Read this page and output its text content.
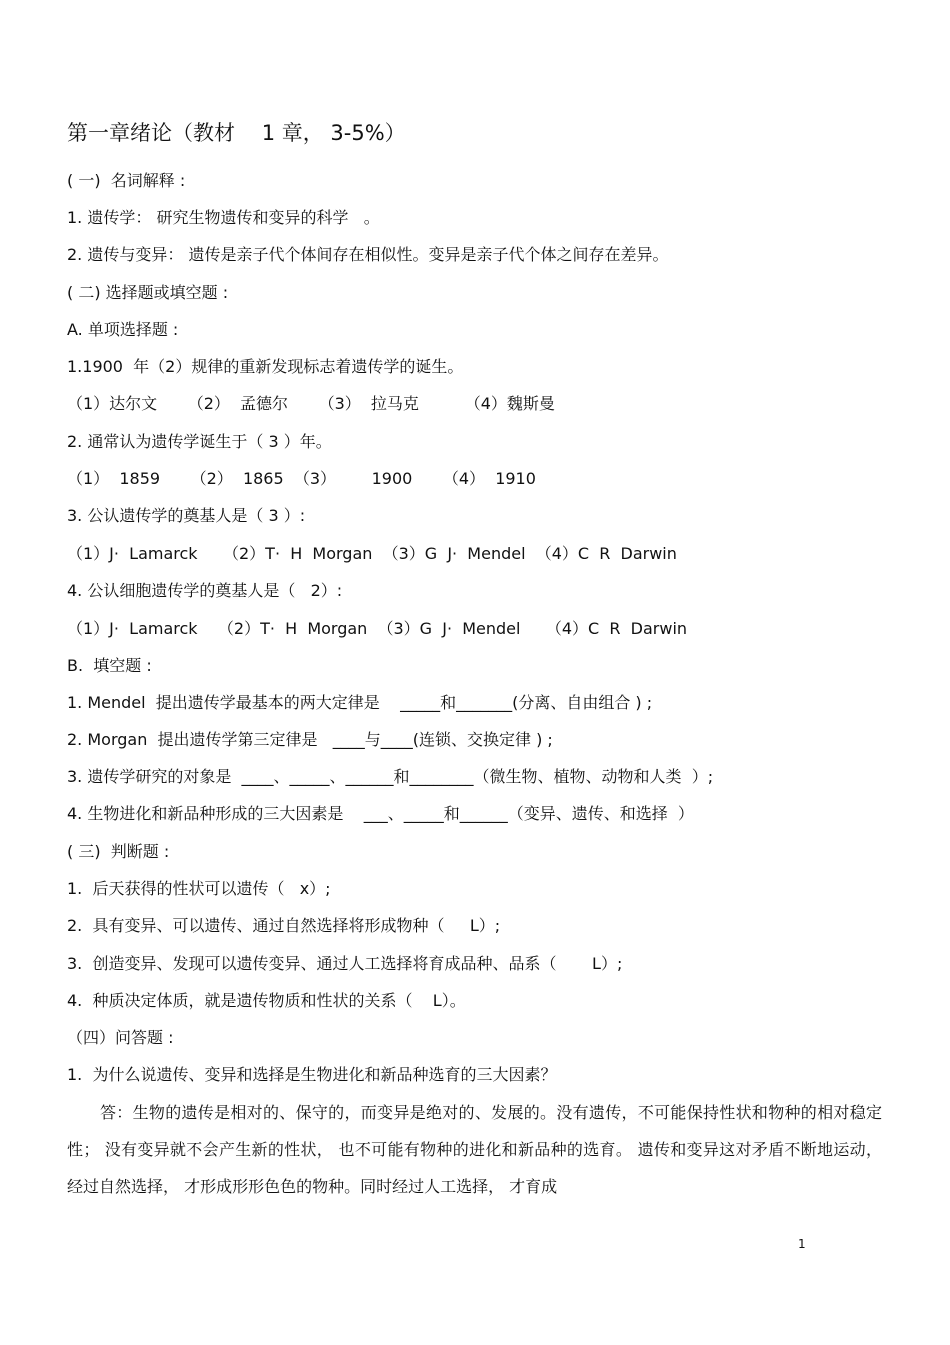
第一章绪论（教材    1 章， 3-5%）
( 一)  名词解释 :
1. 遗传学： 研究生物遗传和变异的科学   。
2. 遗传与变异： 遗传是亲子代个体间存在相似性。变异是亲子代个体之间存在差异。
( 二) 选择题或填空题 :
A. 单项选择题 :
1.1900  年（2）规律的重新发现标志着遗传学的诞生。
（1）达尔文      （2）  孟德尔      （3）  拉马克         （4）魏斯曼
2. 通常认为遗传学诞生于（ 3 ）年。
（1）  1859      （2）  1865  （3）       1900      （4）  1910
3. 公认遗传学的奠基人是（ 3 ）:
（1）J·  Lamarck     （2）T·  H  Morgan  （3）G  J·  Mendel  （4）C  R  Darwin
4. 公认细胞遗传学的奠基人是（   2）:
（1）J·  Lamarck    （2）T·  H  Morgan  （3）G  J·  Mendel     （4）C  R  Darwin
B.  填空题 :
1. Mendel  提出遗传学最基本的两大定律是    _____和_______(分离、自由组合 ) ;
2. Morgan  提出遗传学第三定律是   ____与____(连锁、交换定律 ) ;
3. 遗传学研究的对象是  ____、_____、______和________（微生物、植物、动物和人类  ）;
4. 生物进化和新品种形成的三大因素是    ___、_____和______（变异、遗传、和选择  ）
( 三)  判断题 :
1.  后天获得的性状可以遗传（   x）;
2.  具有变异、可以遗传、通过自然选择将形成物种（     L）;
3.  创造变异、发现可以遗传变异、通过人工选择将育成品种、品系（       L）;
4.  种质决定体质，就是遗传物质和性状的关系（    L）。
（四）问答题 :
1.  为什么说遗传、变异和选择是生物进化和新品种选育的三大因素？
答：生物的遗传是相对的、保守的，而变异是绝对的、发展的。没有遗传，不可能保持性状和物种的相对稳定性； 没有变异就不会产生新的性状， 也不可能有物种的进化和新品种的选育。 遗传和变异这对矛盾不断地运动，经过自然选择， 才形成形形色色的物种。同时经过人工选择， 才育成
1
